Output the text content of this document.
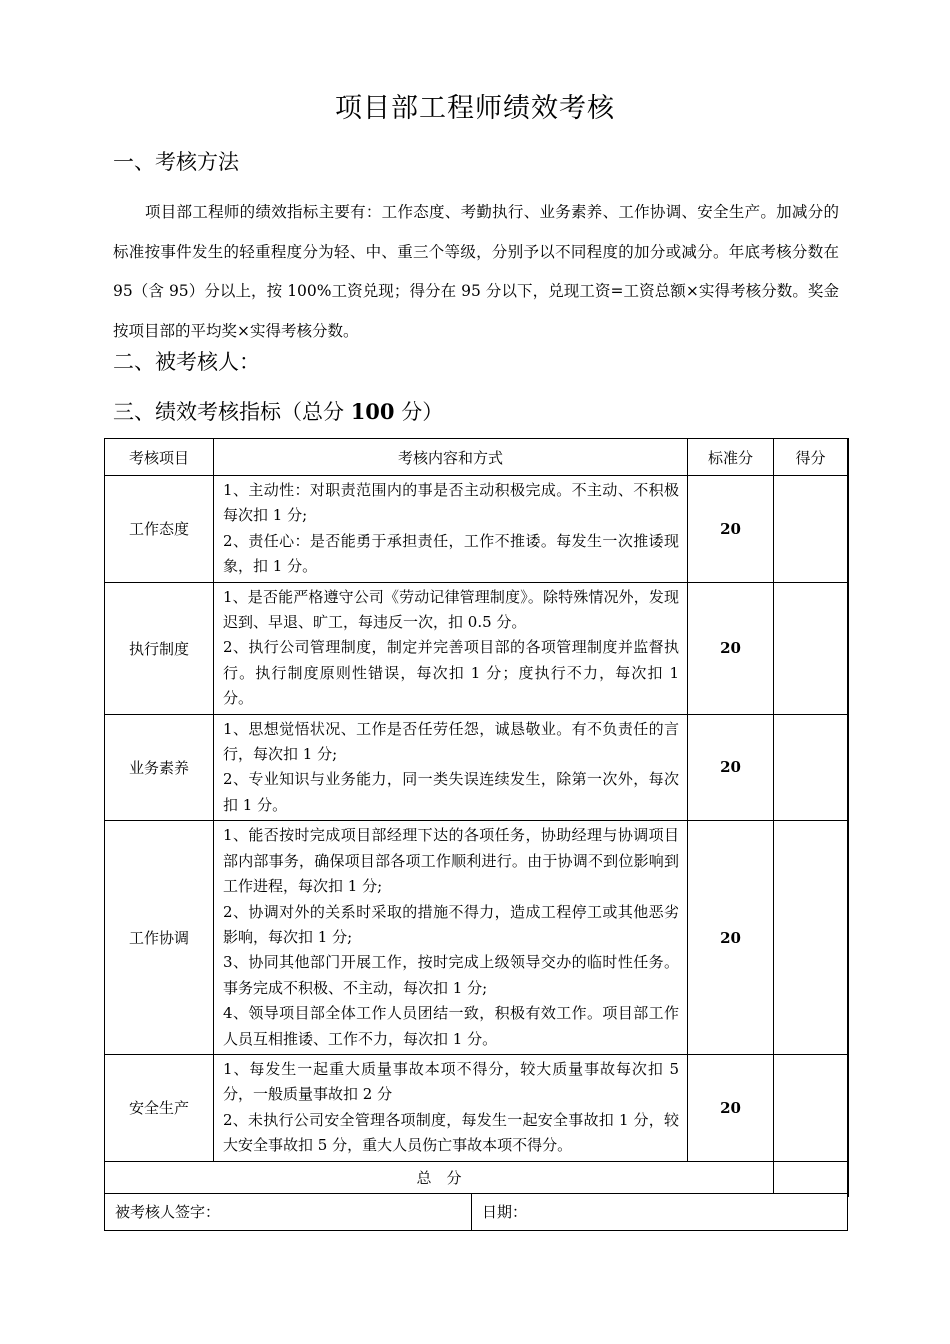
项目部工程师绩效考核
一、考核方法

项目部工程师的绩效指标主要有：工作态度、考勤执行、业务素养、工作协调、安全生产。加减分的标准按事件发生的轻重程度分为轻、中、重三个等级，分别予以不同程度的加分或减分。年底考核分数在 95（含 95）分以上，按 100%工资兑现；得分在 95 分以下，兑现工资=工资总额×实得考核分数。奖金按项目部的平均奖×实得考核分数。

二、被考核人：
三、绩效考核指标（总分 100 分）
考核项目	考核内容和方式		标准分	得分
工作态度	1、主动性：对职责范围内的事是否主动积极完成。不主动、不积极每次扣 1 分;
2、责任心：是否能勇于承担责任，工作不推诿。每发生一次推诿现象，扣 1 分。		20	
执行制度	1、是否能严格遵守公司《劳动记律管理制度》。除特殊情况外，发现迟到、早退、旷工，每违反一次，扣 0.5 分。
2、执行公司管理制度，制定并完善项目部的各项管理制度并监督执行。执行制度原则性错误，每次扣 1 分；度执行不力，每次扣 1 分。		20	
业务素养	1、思想觉悟状况、工作是否任劳任怨，诚恳敬业。有不负责任的言行，每次扣 1 分;
2、专业知识与业务能力，同一类失误连续发生，除第一次外，每次扣 1 分。		20	
工作协调	1、能否按时完成项目部经理下达的各项任务，协助经理与协调项目部内部事务，确保项目部各项工作顺利进行。由于协调不到位影响到工作进程，每次扣 1 分;
2、协调对外的关系时采取的措施不得力，造成工程停工或其他恶劣影响，每次扣 1 分;
3、协同其他部门开展工作，按时完成上级领导交办的临时性任务。事务完成不积极、不主动，每次扣 1 分;
4、领导项目部全体工作人员团结一致，积极有效工作。项目部工作人员互相推诿、工作不力，每次扣 1 分。		20	
安全生产	1、每发生一起重大质量事故本项不得分，较大质量事故每次扣 5 分，一般质量事故扣 2 分
2、未执行公司安全管理各项制度，每发生一起安全事故扣 1 分，较大安全事故扣 5 分，重大人员伤亡事故本项不得分。		20	
总　分				
被考核人签字：		日期：		
